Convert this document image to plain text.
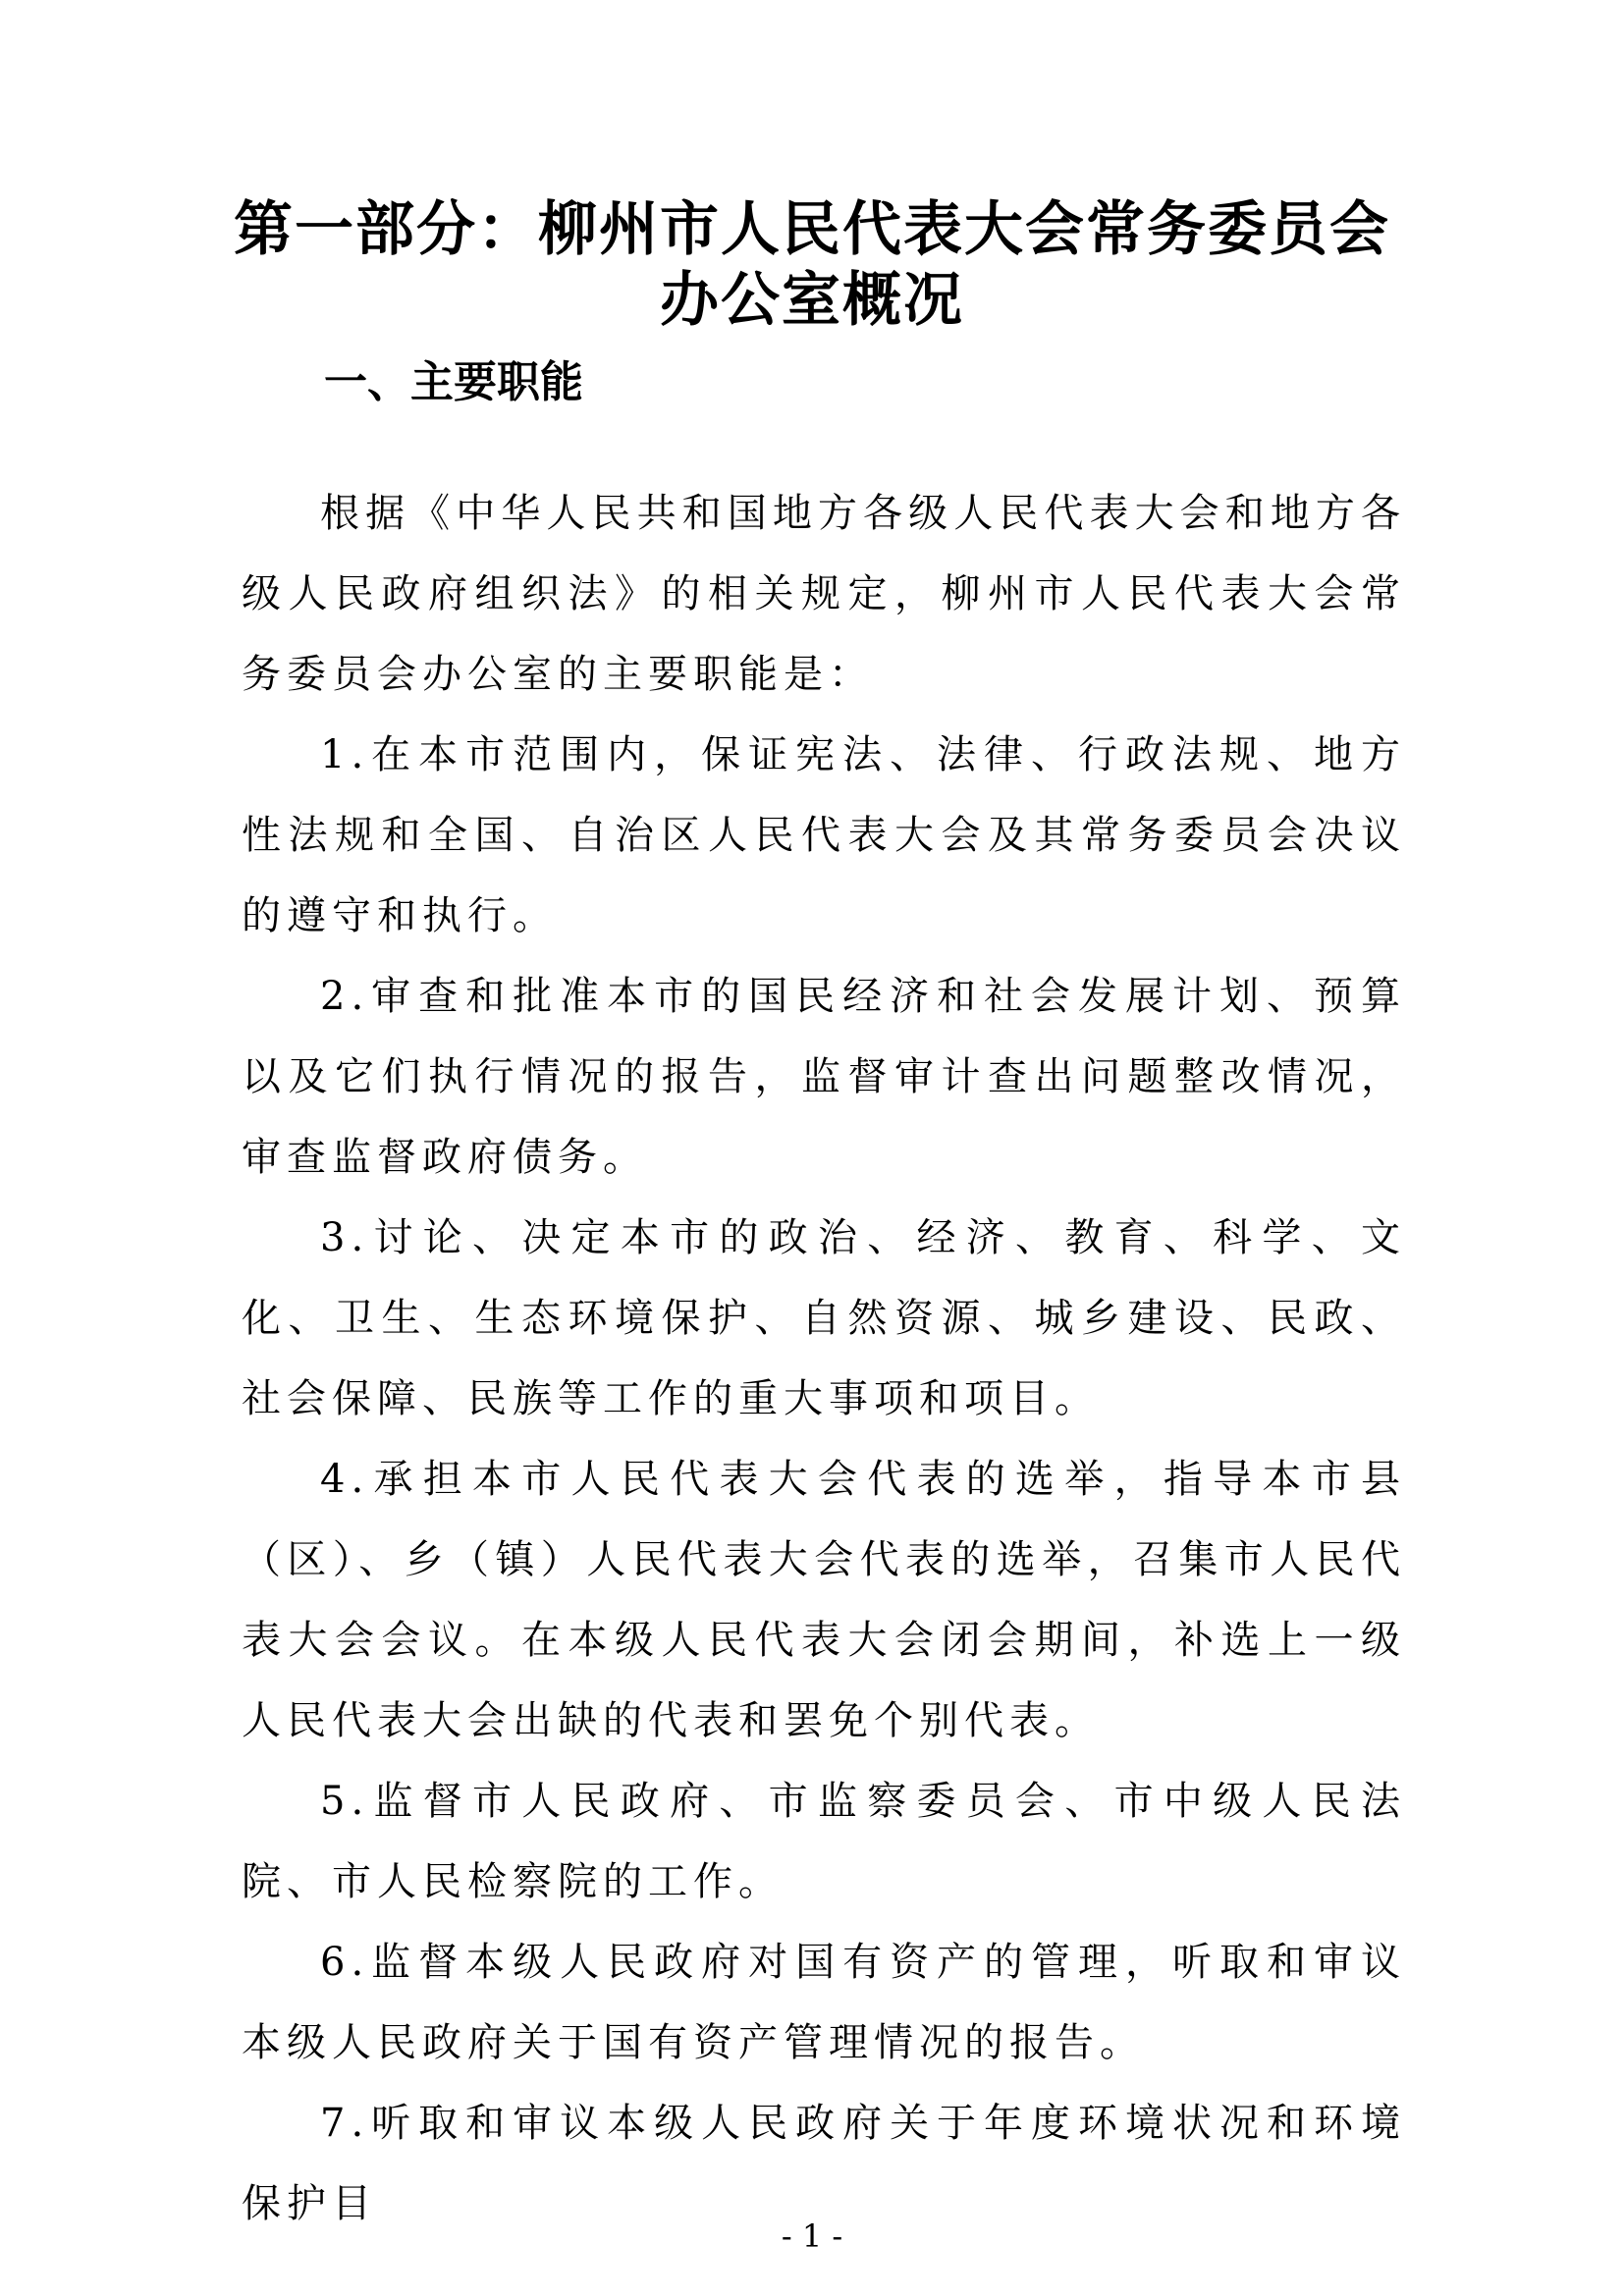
第一部分：柳州市人民代表大会常务委员会
办公室概况
一、主要职能

根据《中华人民共和国地方各级人民代表大会和地方各级人民政府组织法》的相关规定，柳州市人民代表大会常务委员会办公室的主要职能是：

1.在本市范围内，保证宪法、法律、行政法规、地方性法规和全国、自治区人民代表大会及其常务委员会决议的遵守和执行。

2.审查和批准本市的国民经济和社会发展计划、预算以及它们执行情况的报告，监督审计查出问题整改情况，审查监督政府债务。

3.讨论、决定本市的政治、经济、教育、科学、文化、卫生、生态环境保护、自然资源、城乡建设、民政、社会保障、民族等工作的重大事项和项目。

4.承担本市人民代表大会代表的选举，指导本市县（区）、乡（镇）人民代表大会代表的选举，召集市人民代表大会会议。在本级人民代表大会闭会期间，补选上一级人民代表大会出缺的代表和罢免个别代表。

5.监督市人民政府、市监察委员会、市中级人民法院、市人民检察院的工作。

6.监督本级人民政府对国有资产的管理，听取和审议本级人民政府关于国有资产管理情况的报告。

7.听取和审议本级人民政府关于年度环境状况和环境保护目

- 1 -
